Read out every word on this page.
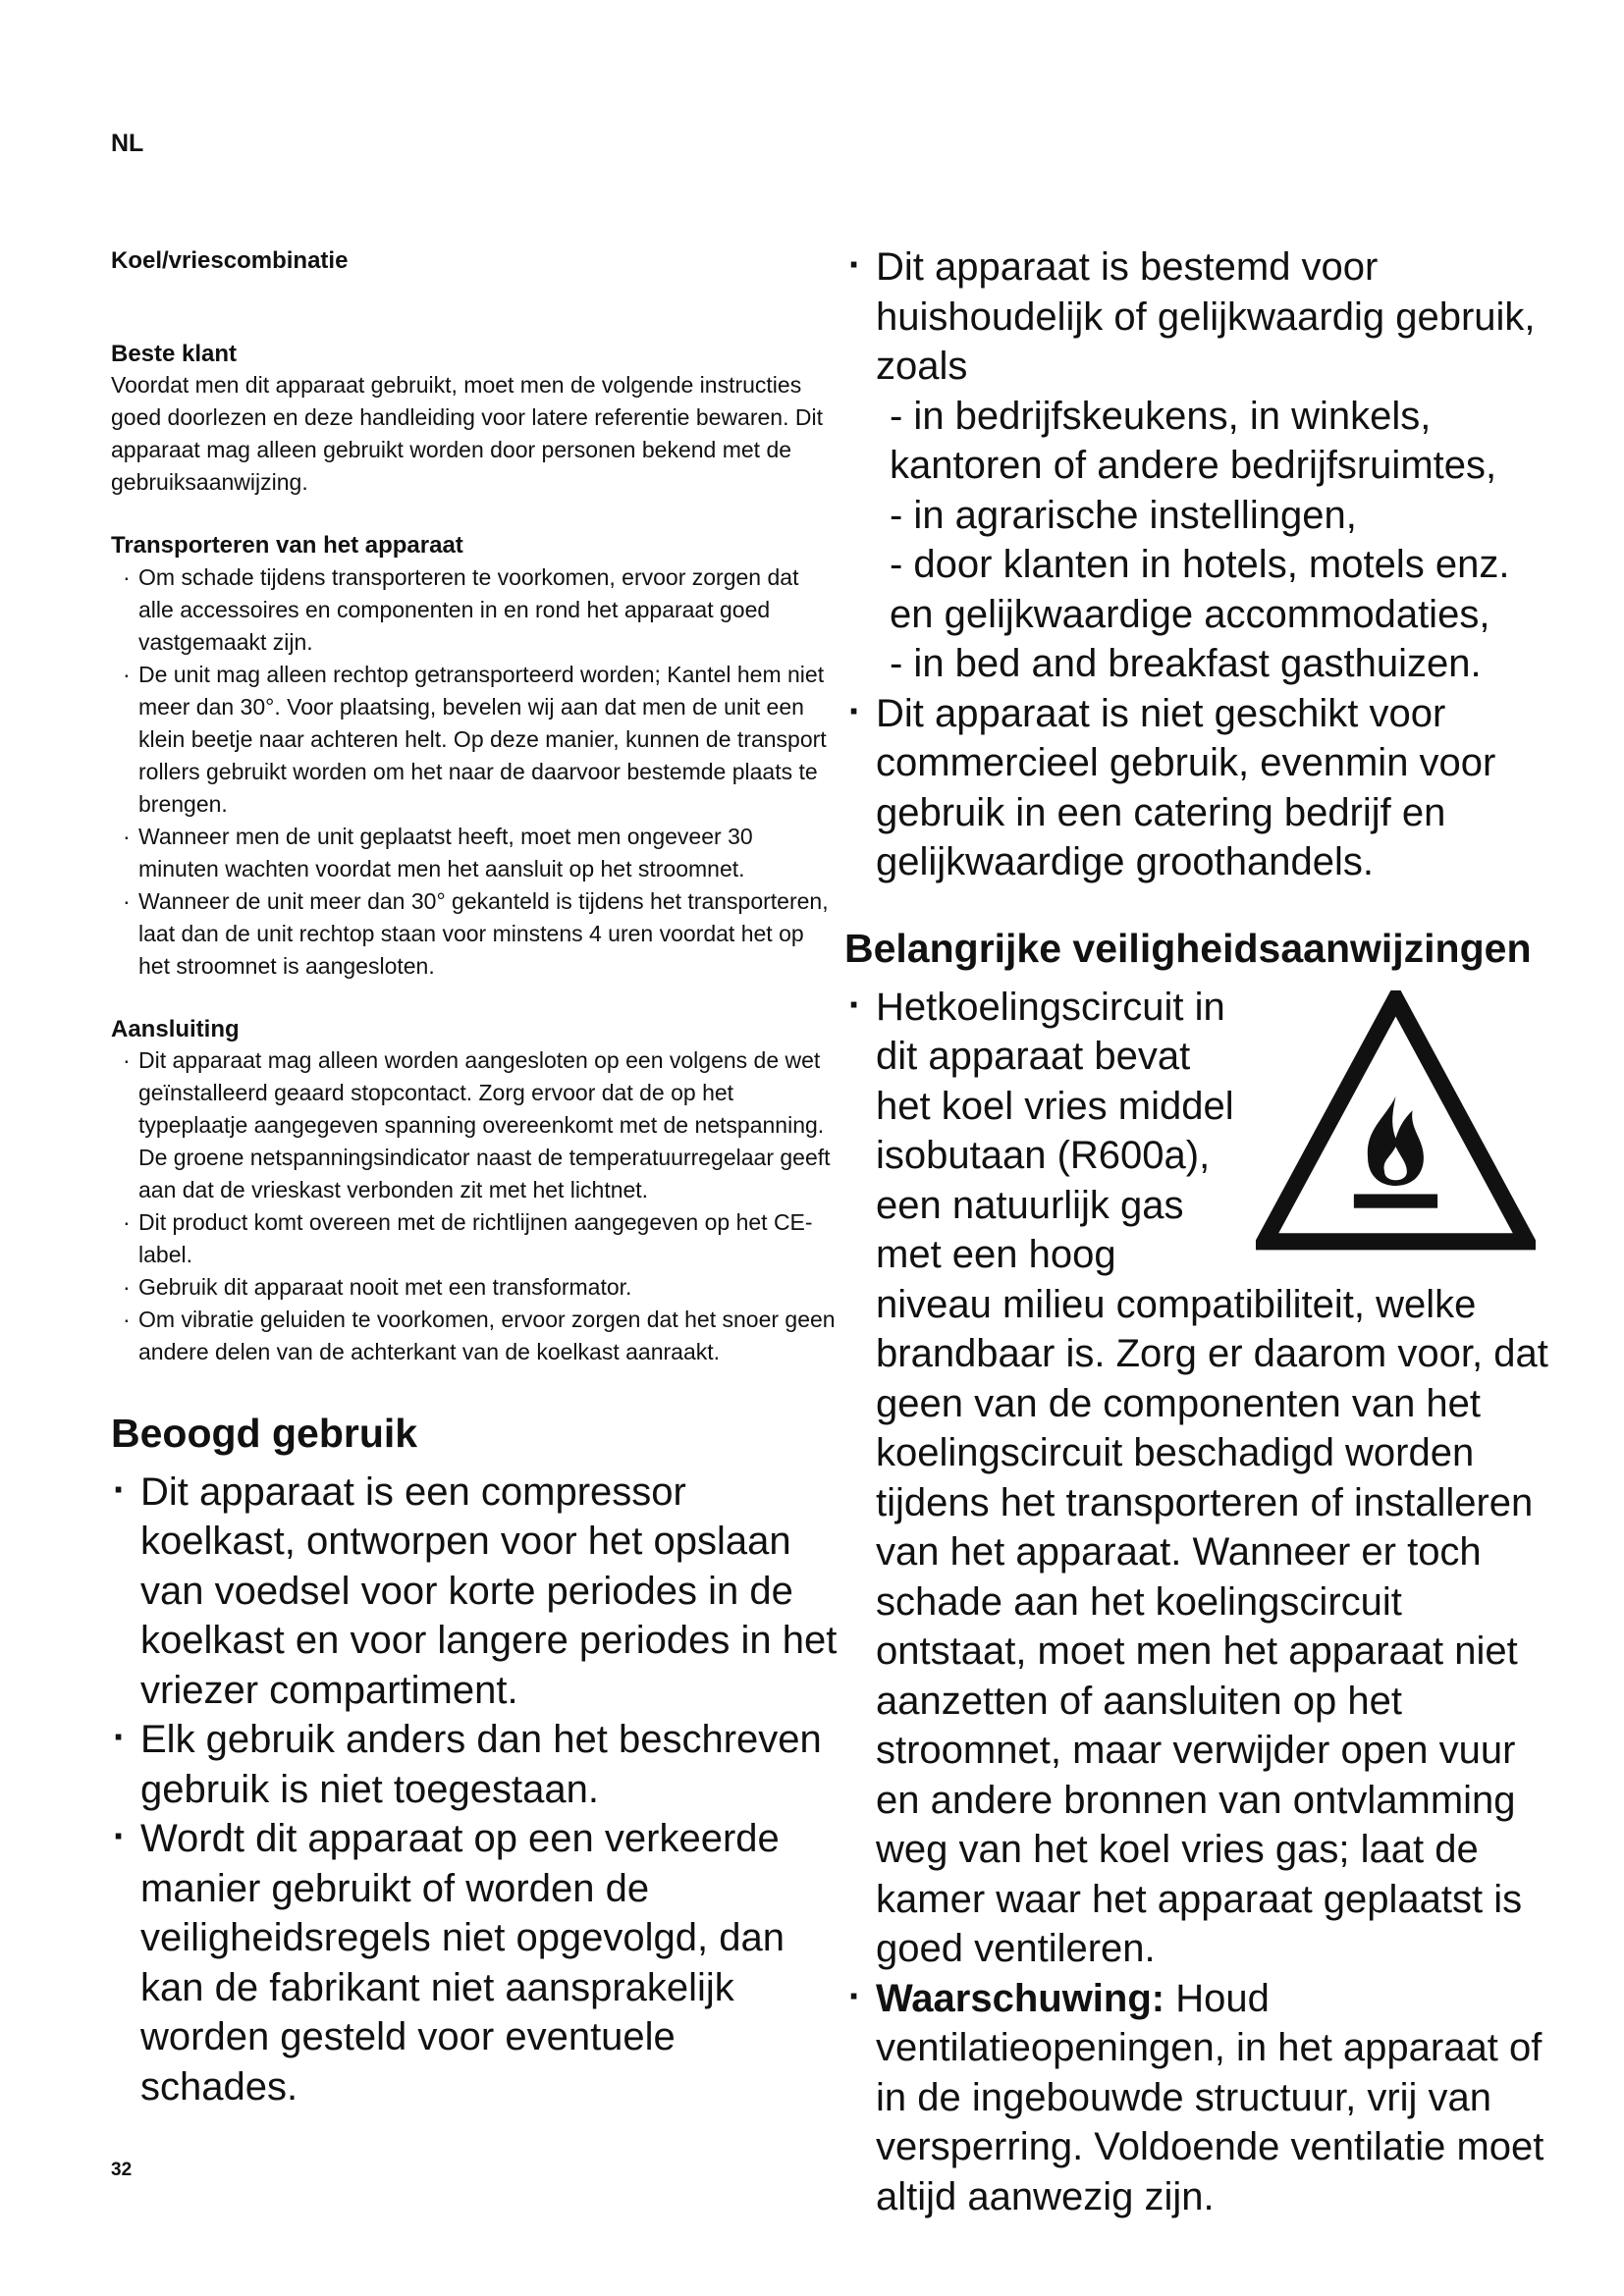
NL
Koel/vriescombinatie
Beste klant

Voordat men dit apparaat gebruikt, moet men de volgende instructies goed doorlezen en deze handleiding voor latere referentie bewaren. Dit apparaat mag alleen gebruikt worden door personen bekend met de gebruiksaanwijzing.

Transporteren van het apparaat
· Om schade tijdens transporteren te voorkomen, ervoor zorgen dat alle accessoires en componenten in en rond het apparaat goed vastgemaakt zijn.
· De unit mag alleen rechtop getransporteerd worden; Kantel hem niet meer dan 30°. Voor plaatsing, bevelen wij aan dat men de unit een klein beetje naar achteren helt. Op deze manier, kunnen de transport rollers gebruikt worden om het naar de daarvoor bestemde plaats te brengen.
· Wanneer men de unit geplaatst heeft, moet men ongeveer 30 minuten wachten voordat men het aansluit op het stroomnet.
· Wanneer de unit meer dan 30° gekanteld is tijdens het transporteren, laat dan de unit rechtop staan voor minstens 4 uren voordat het op het stroomnet is aangesloten.
Aansluiting
· Dit apparaat mag alleen worden aangesloten op een volgens de wet geïnstalleerd geaard stopcontact. Zorg ervoor dat de op het typeplaatje aangegeven spanning overeenkomt met de netspanning. De groene netspanningsindicator naast de temperatuurregelaar geeft aan dat de vrieskast verbonden zit met het lichtnet.
· Dit product komt overeen met de richtlijnen aangegeven op het CE-label.
· Gebruik dit apparaat nooit met een transformator.
· Om vibratie geluiden te voorkomen, ervoor zorgen dat het snoer geen andere delen van de achterkant van de koelkast aanraakt.
Beoogd gebruik
· Dit apparaat is een compressor koelkast, ontworpen voor het opslaan van voedsel voor korte periodes in de koelkast en voor langere periodes in het vriezer compartiment.
· Elk gebruik anders dan het beschreven gebruik is niet toegestaan.
· Wordt dit apparaat op een verkeerde manier gebruikt of worden de veiligheidsregels niet opgevolgd, dan kan de fabrikant niet aansprakelijk worden gesteld voor eventuele schades.
· Dit apparaat is bestemd voor huishoudelijk of gelijkwaardig gebruik, zoals
- in bedrijfskeukens, in winkels, kantoren of andere bedrijfsruimtes,
- in agrarische instellingen,
- door klanten in hotels, motels enz. en gelijkwaardige accommodaties,
- in bed and breakfast gasthuizen.
· Dit apparaat is niet geschikt voor commercieel gebruik, evenmin voor gebruik in een catering bedrijf en gelijkwaardige groothandels.
Belangrijke veiligheidsaanwijzingen
· Hetkoelingscircuit in dit apparaat bevat het koel vries middel isobutaan (R600a), een natuurlijk gas met een hoog niveau milieu compatibiliteit, welke brandbaar is. Zorg er daarom voor, dat geen van de componenten van het koelingscircuit beschadigd worden tijdens het transporteren of installeren van het apparaat. Wanneer er toch schade aan het koelingscircuit ontstaat, moet men het apparaat niet aanzetten of aansluiten op het stroomnet, maar verwijder open vuur en andere bronnen van ontvlamming weg van het koel vries gas; laat de kamer waar het apparaat geplaatst is goed ventileren.
· Waarschuwing: Houd ventilatieopeningen, in het apparaat of in de ingebouwde structuur, vrij van versperring. Voldoende ventilatie moet altijd aanwezig zijn.
32
